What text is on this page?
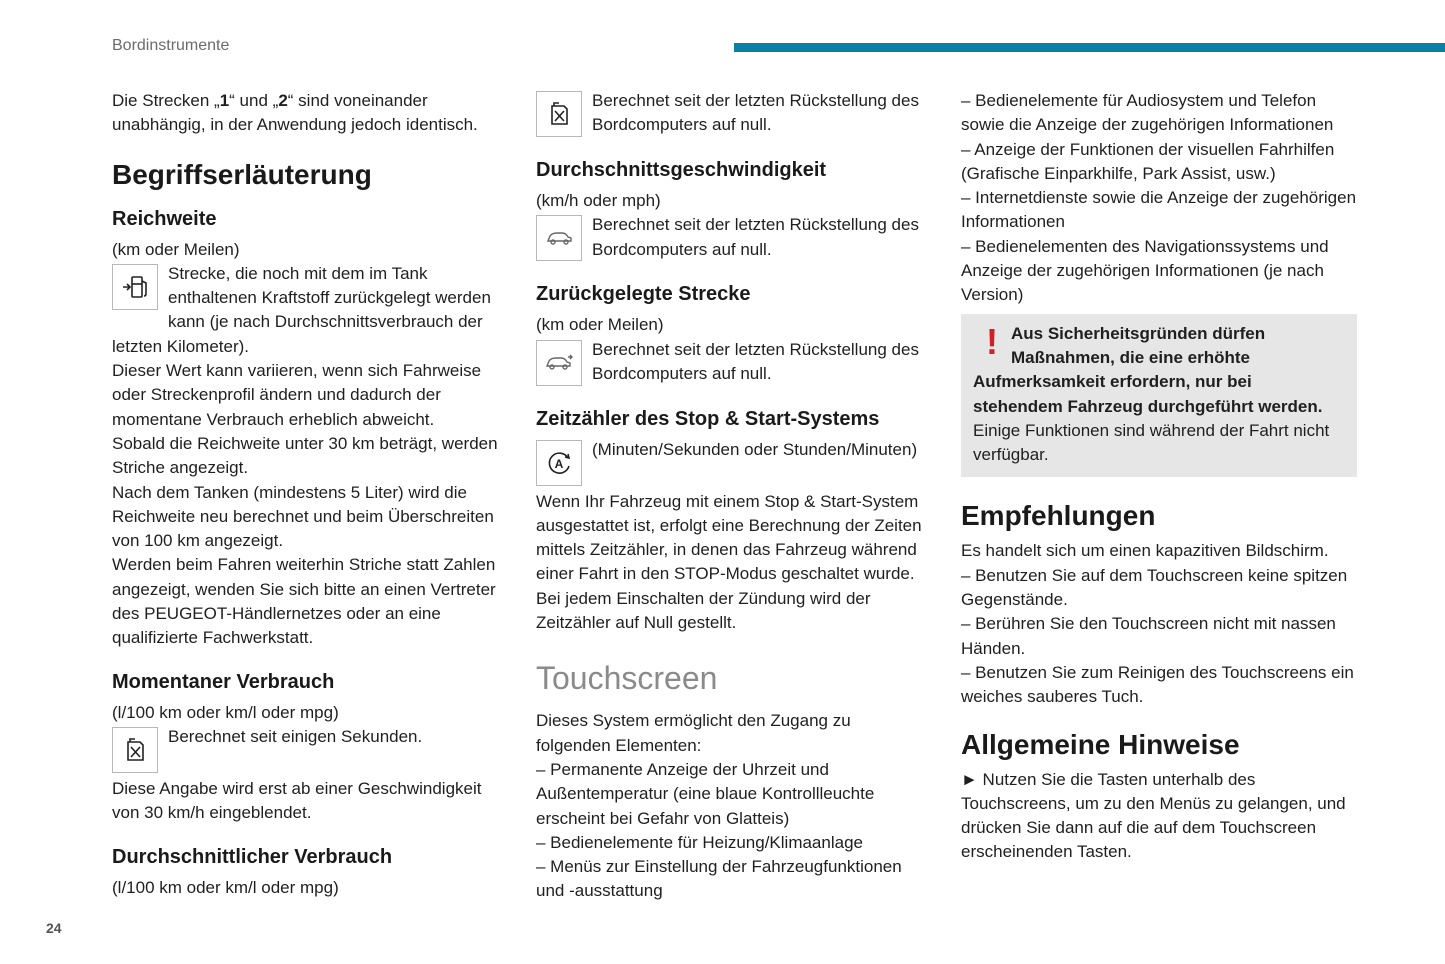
Bordinstrumente

Die Strecken „1“ und „2“ sind voneinander unabhängig, in der Anwendung jedoch identisch.

Begriffserläuterung
Reichweite

(km oder Meilen)

Strecke, die noch mit dem im Tank enthaltenen Kraftstoff zurückgelegt werden kann (je nach Durchschnittsverbrauch der letzten Kilometer).

Dieser Wert kann variieren, wenn sich Fahrweise oder Streckenprofil ändern und dadurch der momentane Verbrauch erheblich abweicht.

Sobald die Reichweite unter 30 km beträgt, werden Striche angezeigt.

Nach dem Tanken (mindestens 5 Liter) wird die Reichweite neu berechnet und beim Überschreiten von 100 km angezeigt.

Werden beim Fahren weiterhin Striche statt Zahlen angezeigt, wenden Sie sich bitte an einen Vertreter des PEUGEOT-Händlernetzes oder an eine qualifizierte Fachwerkstatt.

Momentaner Verbrauch

(l/100 km oder km/l oder mpg)

Berechnet seit einigen Sekunden.

Diese Angabe wird erst ab einer Geschwindigkeit von 30 km/h eingeblendet.

Durchschnittlicher Verbrauch

(l/100 km oder km/l oder mpg)

Berechnet seit der letzten Rückstellung des Bordcomputers auf null.

Durchschnittsgeschwindigkeit

(km/h oder mph)

Berechnet seit der letzten Rückstellung des Bordcomputers auf null.

Zurückgelegte Strecke

(km oder Meilen)

Berechnet seit der letzten Rückstellung des Bordcomputers auf null.

Zeitzähler des Stop & Start-Systems
A

(Minuten/Sekunden oder Stunden/Minuten)

Wenn Ihr Fahrzeug mit einem Stop & Start-System ausgestattet ist, erfolgt eine Berechnung der Zeiten mittels Zeitzähler, in denen das Fahrzeug während einer Fahrt in den STOP-Modus geschaltet wurde. Bei jedem Einschalten der Zündung wird der Zeitzähler auf Null gestellt.

Touchscreen

Dieses System ermöglicht den Zugang zu folgenden Elementen:

– Permanente Anzeige der Uhrzeit und Außentemperatur (eine blaue Kontrollleuchte erscheint bei Gefahr von Glatteis)

– Bedienelemente für Heizung/Klimaanlage

– Menüs zur Einstellung der Fahrzeugfunktionen und -ausstattung

– Bedienelemente für Audiosystem und Telefon sowie die Anzeige der zugehörigen Informationen

– Anzeige der Funktionen der visuellen Fahrhilfen (Grafische Einparkhilfe, Park Assist, usw.)

– Internetdienste sowie die Anzeige der zugehörigen Informationen

– Bedienelementen des Navigationssystems und Anzeige der zugehörigen Informationen (je nach Version)

! Aus Sicherheitsgründen dürfen Maßnahmen, die eine erhöhte Aufmerksamkeit erfordern, nur bei stehendem Fahrzeug durchgeführt werden.

Einige Funktionen sind während der Fahrt nicht verfügbar.

Empfehlungen

Es handelt sich um einen kapazitiven Bildschirm.

– Benutzen Sie auf dem Touchscreen keine spitzen Gegenstände.

– Berühren Sie den Touchscreen nicht mit nassen Händen.

– Benutzen Sie zum Reinigen des Touchscreens ein weiches sauberes Tuch.

Allgemeine Hinweise

► Nutzen Sie die Tasten unterhalb des Touchscreens, um zu den Menüs zu gelangen, und drücken Sie dann auf die auf dem Touchscreen erscheinenden Tasten.

24
